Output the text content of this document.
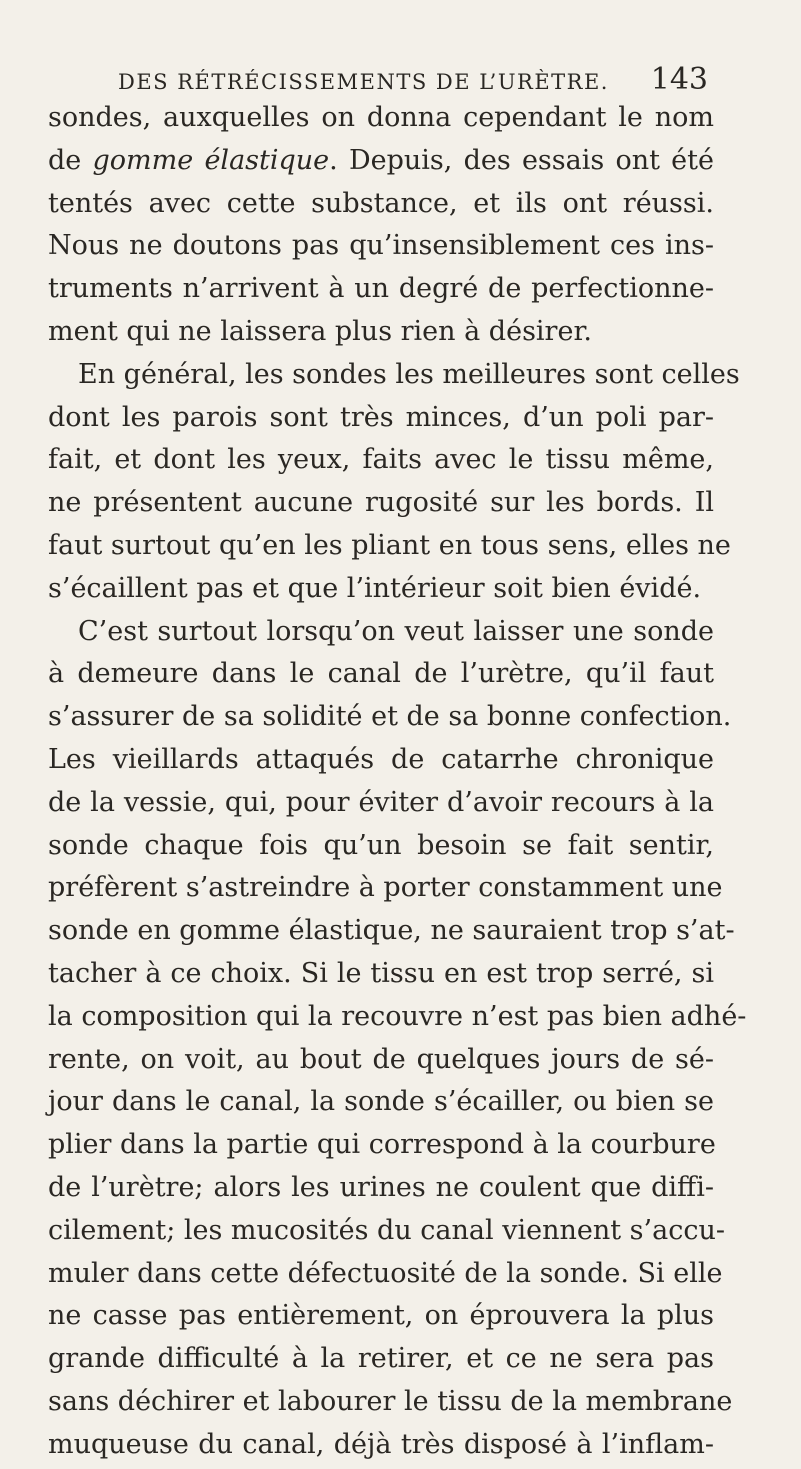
DES RÉTRÉCISSEMENTS DE L’URÈTRE. 143
sondes, auxquelles on donna cependant le nom
de gomme élastique. Depuis, des essais ont été
tentés avec cette substance, et ils ont réussi.
Nous ne doutons pas qu’insensiblement ces ins-
truments n’arrivent à un degré de perfectionne-
ment qui ne laissera plus rien à désirer.
En général, les sondes les meilleures sont celles
dont les parois sont très minces, d’un poli par-
fait, et dont les yeux, faits avec le tissu même,
ne présentent aucune rugosité sur les bords. Il
faut surtout qu’en les pliant en tous sens, elles ne
s’écaillent pas et que l’intérieur soit bien évidé.
C’est surtout lorsqu’on veut laisser une sonde
à demeure dans le canal de l’urètre, qu’il faut
s’assurer de sa solidité et de sa bonne confection.
Les vieillards attaqués de catarrhe chronique
de la vessie, qui, pour éviter d’avoir recours à la
sonde chaque fois qu’un besoin se fait sentir,
préfèrent s’astreindre à porter constamment une
sonde en gomme élastique, ne sauraient trop s’at-
tacher à ce choix. Si le tissu en est trop serré, si
la composition qui la recouvre n’est pas bien adhé-
rente, on voit, au bout de quelques jours de sé-
jour dans le canal, la sonde s’écailler, ou bien se
plier dans la partie qui correspond à la courbure
de l’urètre; alors les urines ne coulent que diffi-
cilement; les mucosités du canal viennent s’accu-
muler dans cette défectuosité de la sonde. Si elle
ne casse pas entièrement, on éprouvera la plus
grande difficulté à la retirer, et ce ne sera pas
sans déchirer et labourer le tissu de la membrane
muqueuse du canal, déjà très disposé à l’inflam-
